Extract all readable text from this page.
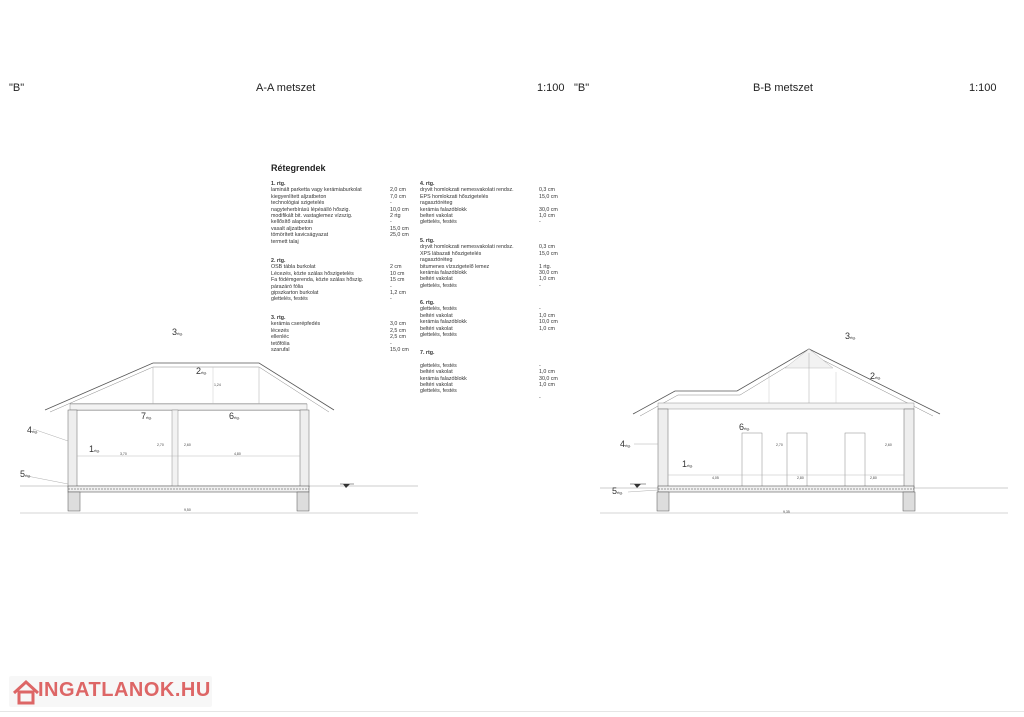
"B"	A-A metszet	1:100 "B"	B-B metszet	1:100
Rétegrendek
1. rtg.
laminált parketta vagy kerámiaburkolat	2,0 cm
kiegyenlített aljzatbeton	7,0 cm
technológiai szigetelés	-
nagyteherbírású lépésálló hőszig.	10,0 cm
modifikált bit. vastaglemez vízszig.	2 rtg
kellősítő alapozás	-
vasalt aljzatbeton	15,0 cm
tömörített kavicságyazat	25,0 cm
termett talaj
2. rtg.
OSB tábla burkolat	2 cm
Lécezés, közte szálas hőszigetelés	10 cm
Fa födémgerenda, közte szálas hőszig.	15 cm
párazáró fólia	-
gipszkarton burkolat	1,2 cm
glettelés, festés	-
3. rtg.
kerámia cserépfedés	3,0 cm
lécezés	2,5 cm
ellenléc	2,5 cm
tetőfólia	-
szarufal	15,0 cm
4. rtg.
dryvit homlokzati nemesvakolati rendsz.	0,3 cm
EPS homlokzati hőszigetelés	15,0 cm
ragasztóréteg
kerámia falazóblokk	30,0 cm
belteri vakolat	1,0 cm
glettelés, festés	-
5. rtg.
dryvit homlokzati nemesvakolati rendsz.	0,3 cm
XPS lábazati hőszigetelés	15,0 cm
ragasztóréteg
bitumenes vízszigetelő lemez	1 rtg.
kerámia falazóblokk	30,0 cm
beltéri vakolat	1,0 cm
glettelés, festés	-
6. rtg.
glettelés, festés	-
beltéri vakolat	1,0 cm
kerámia falazóblokk	10,0 cm
beltéri vakolat	1,0 cm
glettelés, festés
7. rtg.

glettelés, festés	-
beltéri vakolat	1,0 cm
kerámia falazóblokk	30,0 cm
beltéri vakolat	1,0 cm
glettelés, festés

-
3,70	4,80
9,50
2,60
2,70
1,24
4,05	2,80	2,80
9,35
2,60
2,70
3rtg.
2rtg.
7rtg.	6rtg.
4rtg.
1rtg.
5rtg.
3rtg.
2rtg.
6rtg.
4rtg.
1rtg.
5rtg.
INGATLANOK.HU
